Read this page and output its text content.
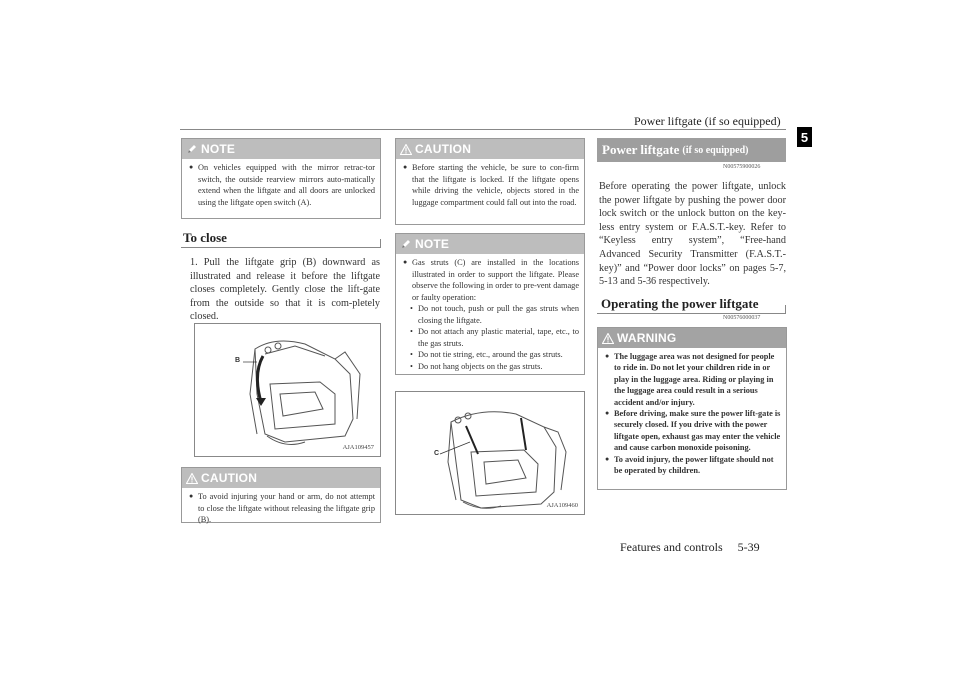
Power liftgate (if so equipped)
5
NOTE
● On vehicles equipped with the mirror retrac-tor switch, the outside rearview mirrors auto-matically extend when the liftgate and all doors are unlocked using the liftgate open switch (A).
To close
1. Pull the liftgate grip (B) downward as illustrated and release it before the liftgate closes completely. Gently close the lift-gate from the outside so that it is com-pletely closed.
B
AJA109457
CAUTION
● To avoid injuring your hand or arm, do not attempt to close the liftgate without releasing the liftgate grip (B).
CAUTION
● Before starting the vehicle, be sure to con-firm that the liftgate is locked. If the liftgate opens while driving the vehicle, objects stored in the luggage compartment could fall out into the road.
NOTE
● Gas struts (C) are installed in the locations illustrated in order to support the liftgate. Please observe the following in order to pre-vent damage or faulty operation:
• Do not touch, push or pull the gas struts when closing the liftgate.
• Do not attach any plastic material, tape, etc., to the gas struts.
• Do not tie string, etc., around the gas struts.
• Do not hang objects on the gas struts.
C
AJA109460
Power liftgate (if so equipped)
N00575900026
Before operating the power liftgate, unlock the power liftgate by pushing the power door lock switch or the unlock button on the key-less entry system or F.A.S.T.-key. Refer to “Keyless entry system”, “Free-hand Advanced Security Transmitter (F.A.S.T.-key)” and “Power door locks” on pages 5-7, 5-13 and 5-36 respectively.
Operating the power liftgate
N00576000037
WARNING
● The luggage area was not designed for people to ride in. Do not let your children ride in or play in the luggage area. Riding or playing in the luggage area could result in a serious accident and/or injury.
● Before driving, make sure the power lift-gate is securely closed. If you drive with the power liftgate open, exhaust gas may enter the vehicle and cause carbon monoxide poisoning.
● To avoid injury, the power liftgate should not be operated by children.
Features and controls 5-39
